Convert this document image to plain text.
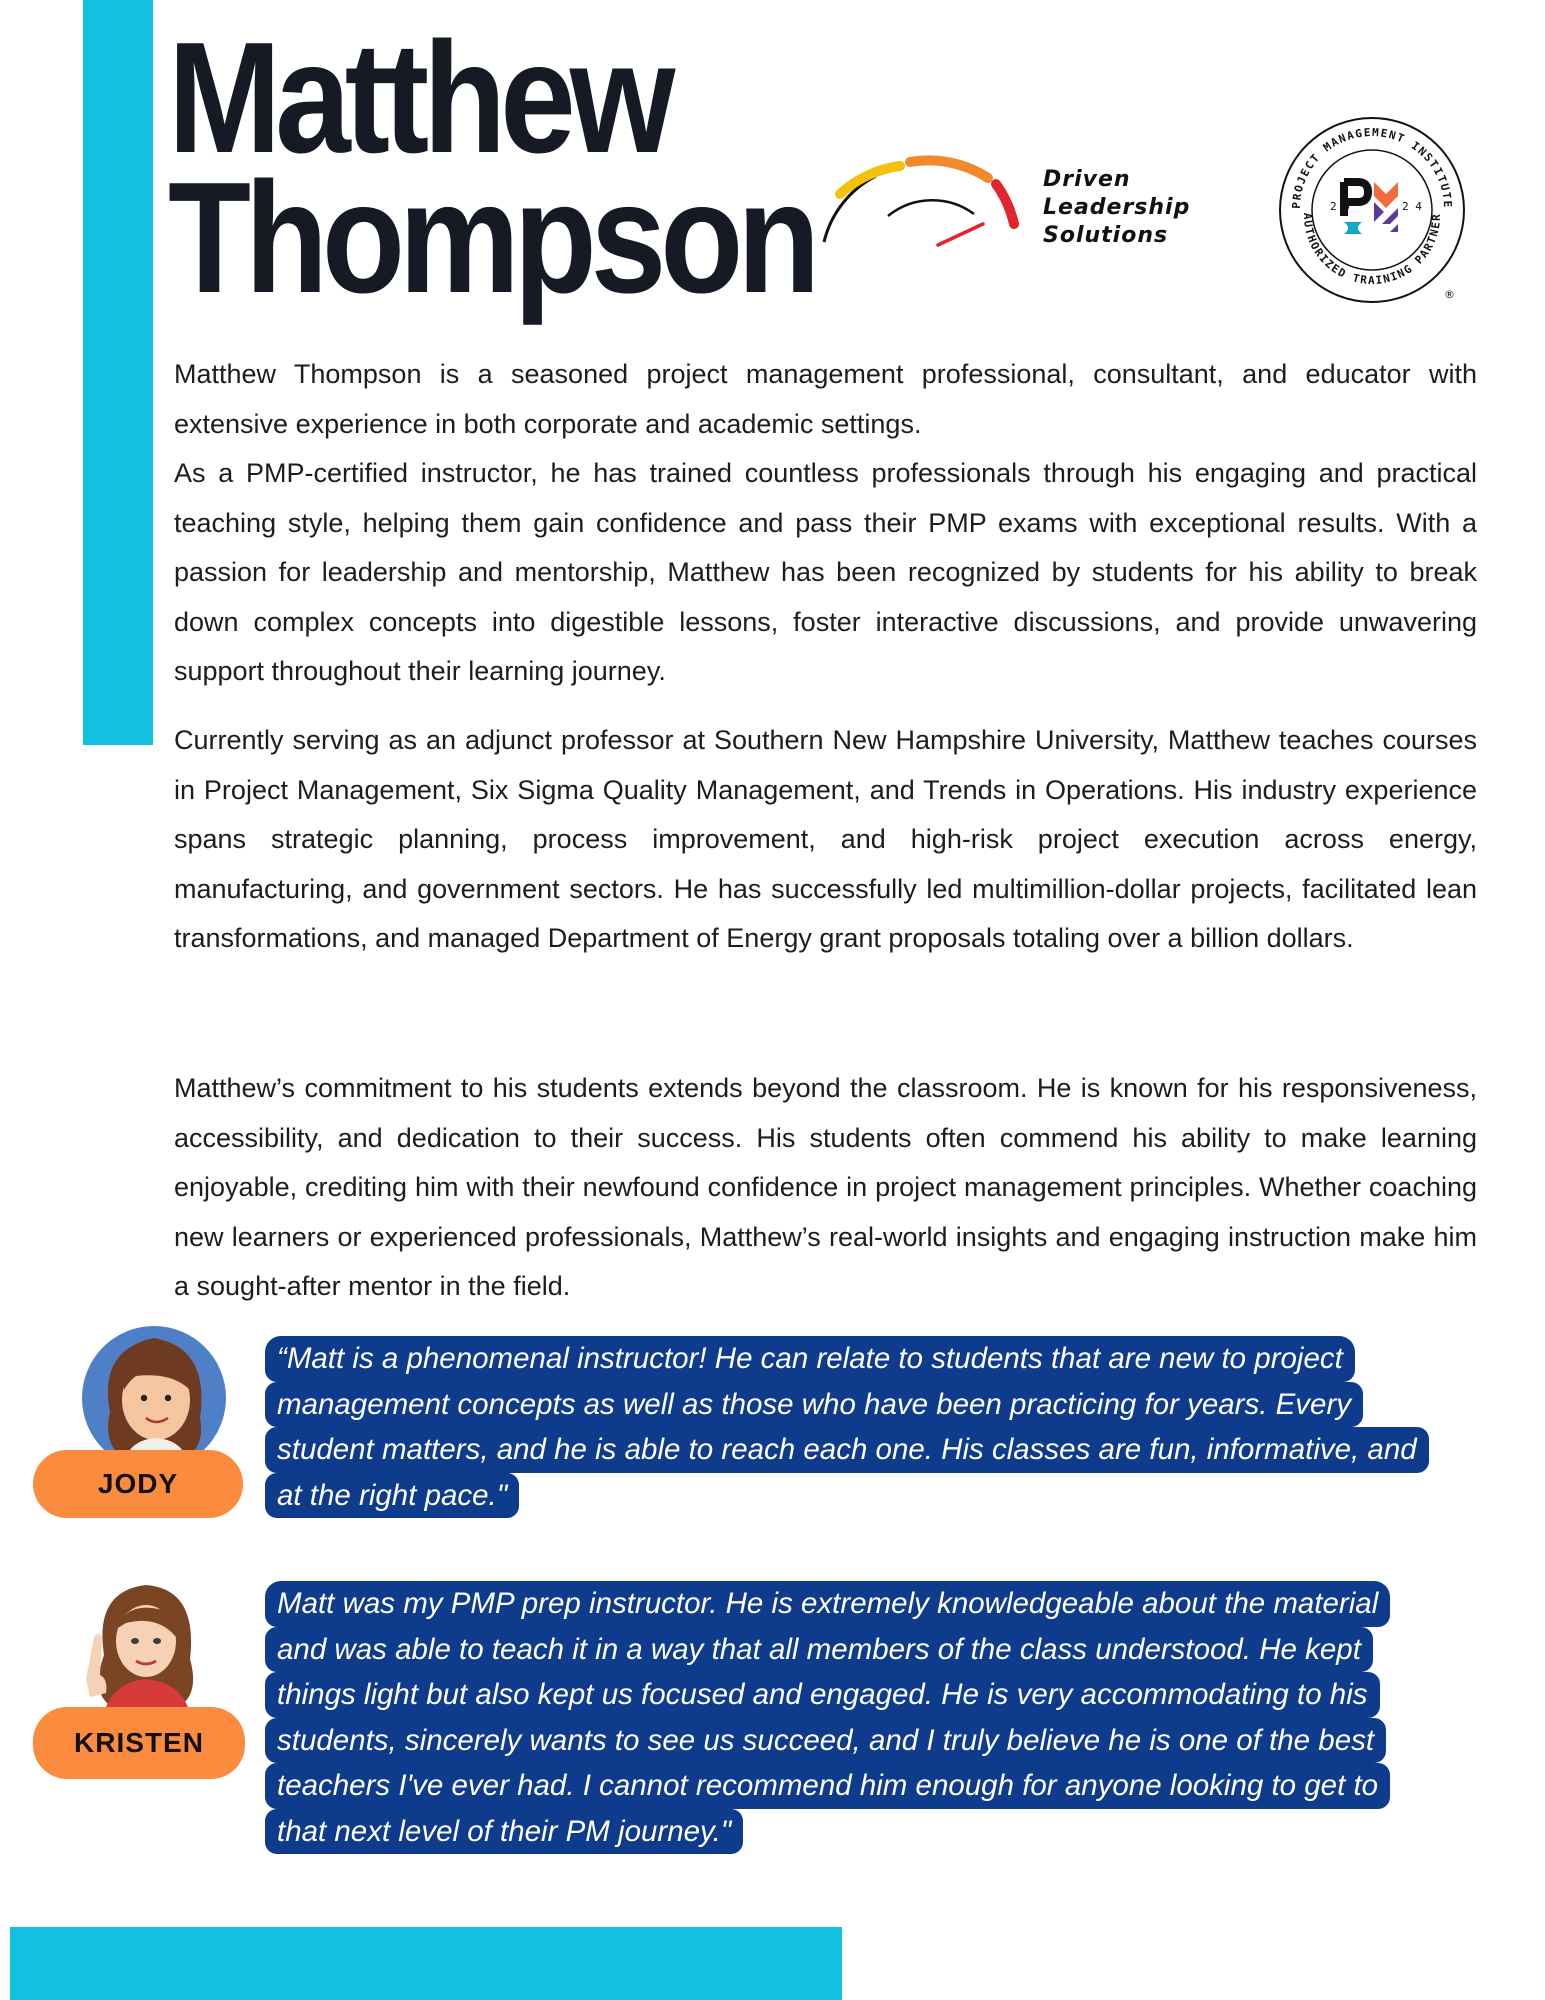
Matthew
Thompson	Driven
Leadership
Solutions
PROJECT MANAGEMENT INSTITUTE
AUTHORIZED TRAINING PARTNER
2 0	2 4
®

Matthew Thompson is a seasoned project management professional, consultant, and educator with extensive experience in both corporate and academic settings.

As a PMP-certified instructor, he has trained countless professionals through his engaging and practical teaching style, helping them gain confidence and pass their PMP exams with exceptional results. With a passion for leadership and mentorship, Matthew has been recognized by students for his ability to break down complex concepts into digestible lessons, foster interactive discussions, and provide unwavering support throughout their learning journey.

Currently serving as an adjunct professor at Southern New Hampshire University, Matthew teaches courses in Project Management, Six Sigma Quality Management, and Trends in Operations. His industry experience spans strategic planning, process improvement, and high-risk project execution across energy, manufacturing, and government sectors. He has successfully led multimillion-dollar projects, facilitated lean transformations, and managed Department of Energy grant proposals totaling over a billion dollars.

Matthew’s commitment to his students extends beyond the classroom. He is known for his responsiveness, accessibility, and dedication to their success. His students often commend his ability to make learning enjoyable, crediting him with their newfound confidence in project management principles. Whether coaching new learners or experienced professionals, Matthew’s real-world insights and engaging instruction make him a sought-after mentor in the field.

JODY
“Matt is a phenomenal instructor! He can relate to students that are new to project
management concepts as well as those who have been practicing for years. Every
student matters, and he is able to reach each one. His classes are fun, informative, and
at the right pace."
KRISTEN
Matt was my PMP prep instructor. He is extremely knowledgeable about the material
and was able to teach it in a way that all members of the class understood. He kept
things light but also kept us focused and engaged. He is very accommodating to his
students, sincerely wants to see us succeed, and I truly believe he is one of the best
teachers I've ever had. I cannot recommend him enough for anyone looking to get to
that next level of their PM journey."
